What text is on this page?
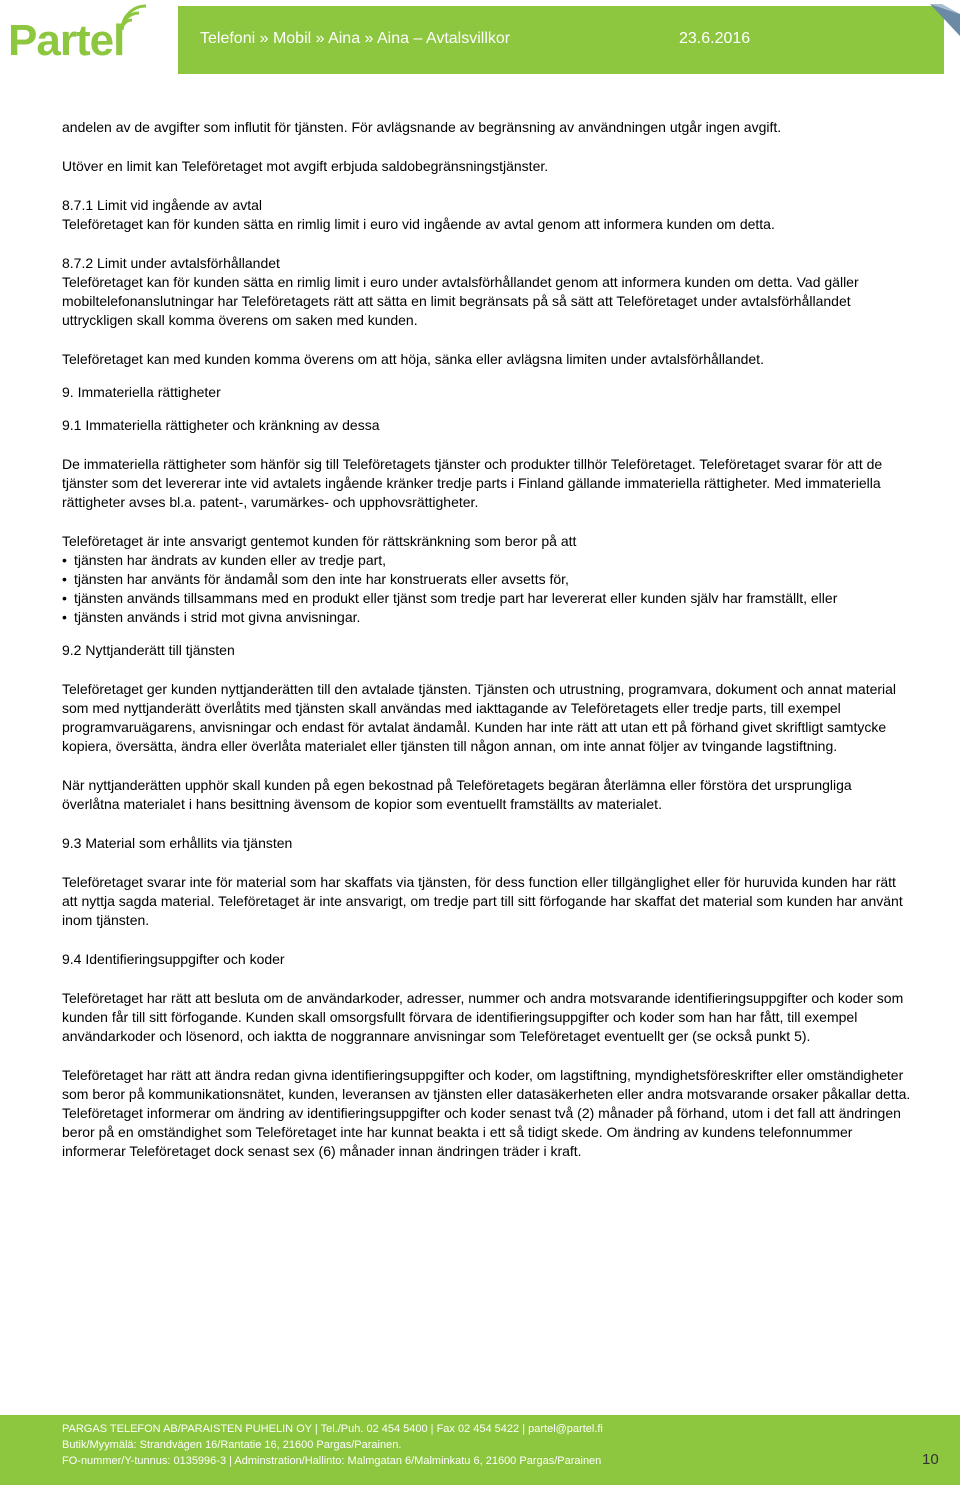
Partel	Telefoni » Mobil » Aina » Aina – Avtalsvillkor	23.6.2016

andelen av de avgifter som influtit för tjänsten. För avlägsnande av begränsning av användningen utgår ingen avgift.

Utöver en limit kan Teleföretaget mot avgift erbjuda saldobegränsningstjänster.

8.7.1 Limit vid ingående av avtal

Teleföretaget kan för kunden sätta en rimlig limit i euro vid ingående av avtal genom att informera kunden om detta.

8.7.2 Limit under avtalsförhållandet

Teleföretaget kan för kunden sätta en rimlig limit i euro under avtalsförhållandet genom att informera kunden om detta. Vad gäller mobiltelefonanslutningar har Teleföretagets rätt att sätta en limit begränsats på så sätt att Teleföretaget under avtalsförhållandet uttryckligen skall komma överens om saken med kunden.

Teleföretaget kan med kunden komma överens om att höja, sänka eller avlägsna limiten under avtalsförhållandet.

9. Immateriella rättigheter

9.1 Immateriella rättigheter och kränkning av dessa

De immateriella rättigheter som hänför sig till Teleföretagets tjänster och produkter tillhör Teleföretaget. Teleföretaget svarar för att de tjänster som det levererar inte vid avtalets ingående kränker tredje parts i Finland gällande immateriella rättigheter. Med immateriella rättigheter avses bl.a. patent-, varumärkes- och upphovsrättigheter.

Teleföretaget är inte ansvarigt gentemot kunden för rättskränkning som beror på att

• tjänsten har ändrats av kunden eller av tredje part,
• tjänsten har använts för ändamål som den inte har konstruerats eller avsetts för,
• tjänsten används tillsammans med en produkt eller tjänst som tredje part har levererat eller kunden själv har framställt, eller
• tjänsten används i strid mot givna anvisningar.

9.2 Nyttjanderätt till tjänsten

Teleföretaget ger kunden nyttjanderätten till den avtalade tjänsten. Tjänsten och utrustning, programvara, dokument och annat material som med nyttjanderätt överlåtits med tjänsten skall användas med iakttagande av Teleföretagets eller tredje parts, till exempel programvaruägarens, anvisningar och endast för avtalat ändamål. Kunden har inte rätt att utan ett på förhand givet skriftligt samtycke kopiera, översätta, ändra eller överlåta materialet eller tjänsten till någon annan, om inte annat följer av tvingande lagstiftning.

När nyttjanderätten upphör skall kunden på egen bekostnad på Teleföretagets begäran återlämna eller förstöra det ursprungliga överlåtna materialet i hans besittning ävensom de kopior som eventuellt framställts av materialet.

9.3 Material som erhållits via tjänsten

Teleföretaget svarar inte för material som har skaffats via tjänsten, för dess function eller tillgänglighet eller för huruvida kunden har rätt att nyttja sagda material. Teleföretaget är inte ansvarigt, om tredje part till sitt förfogande har skaffat det material som kunden har använt inom tjänsten.

9.4 Identifieringsuppgifter och koder

Teleföretaget har rätt att besluta om de användarkoder, adresser, nummer och andra motsvarande identifieringsuppgifter och koder som kunden får till sitt förfogande. Kunden skall omsorgsfullt förvara de identifieringsuppgifter och koder som han har fått, till exempel användarkoder och lösenord, och iaktta de noggrannare anvisningar som Teleföretaget eventuellt ger (se också punkt 5).

Teleföretaget har rätt att ändra redan givna identifieringsuppgifter och koder, om lagstiftning, myndighetsföreskrifter eller omständigheter som beror på kommunikationsnätet, kunden, leveransen av tjänsten eller datasäkerheten eller andra motsvarande orsaker påkallar detta. Teleföretaget informerar om ändring av identifieringsuppgifter och koder senast två (2) månader på förhand, utom i det fall att ändringen beror på en omständighet som Teleföretaget inte har kunnat beakta i ett så tidigt skede. Om ändring av kundens telefonnummer informerar Teleföretaget dock senast sex (6) månader innan ändringen träder i kraft.

PARGAS TELEFON AB/PARAISTEN PUHELIN OY | Tel./Puh. 02 454 5400 | Fax 02 454 5422 | partel@partel.fi
Butik/Myymälä: Strandvägen 16/Rantatie 16, 21600 Pargas/Parainen.
FO-nummer/Y-tunnus: 0135996-3 | Adminstration/Hallinto: Malmgatan 6/Malminkatu 6, 21600 Pargas/Parainen	10
